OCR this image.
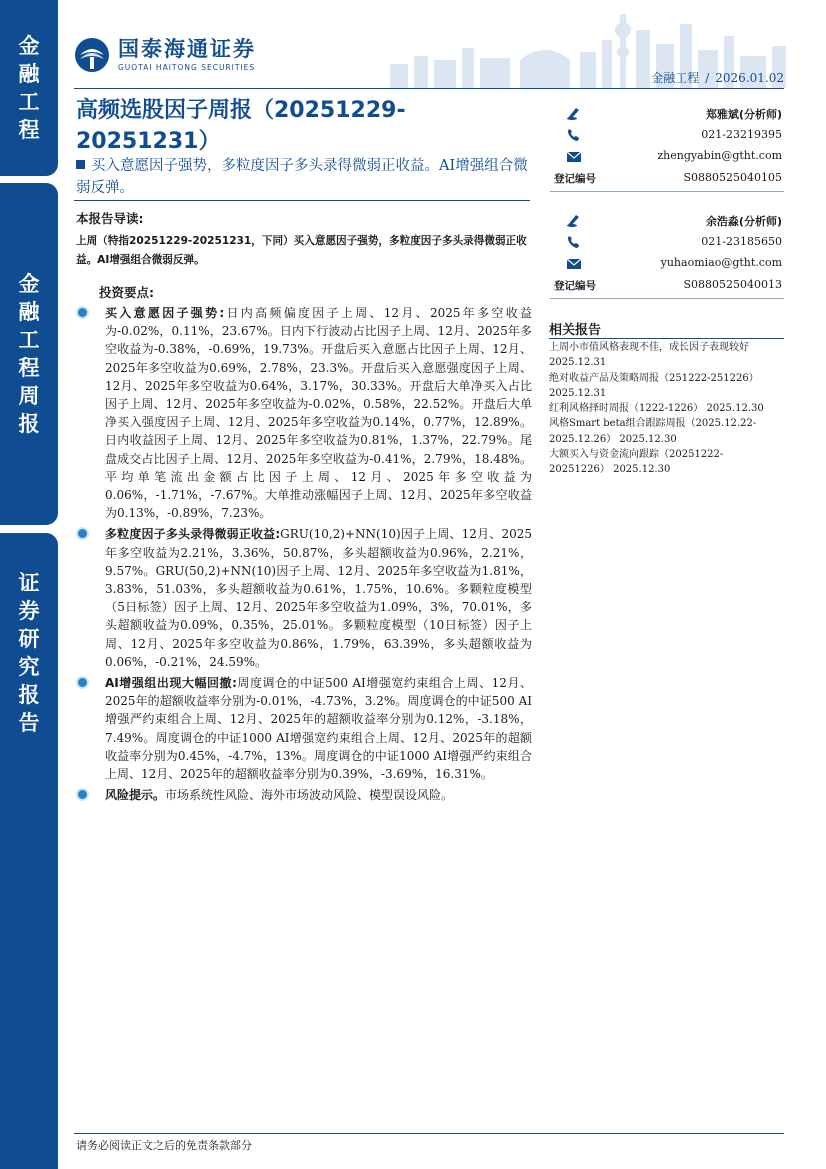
金
融
工
程
金
融
工
程
周
报
证
券
研
究
报
告
国泰海通证券
GUOTAI HAITONG SECURITIES
金融工程 / 2026.01.02
高频选股因子周报（20251229-20251231）
买入意愿因子强势，多粒度因子多头录得微弱正收益。AI增强组合微弱反弹。
本报告导读:
上周（特指20251229-20251231，下同）买入意愿因子强势，多粒度因子多头录得微弱正收益。AI增强组合微弱反弹。
投资要点:
买入意愿因子强势:日内高频偏度因子上周、12月、2025年多空收益为-0.02%，0.11%，23.67%。日内下行波动占比因子上周、12月、2025年多空收益为-0.38%，-0.69%，19.73%。开盘后买入意愿占比因子上周、12月、2025年多空收益为0.69%，2.78%，23.3%。开盘后买入意愿强度因子上周、12月、2025年多空收益为0.64%，3.17%，30.33%。开盘后大单净买入占比因子上周、12月、2025年多空收益为-0.02%，0.58%，22.52%。开盘后大单净买入强度因子上周、12月、2025年多空收益为0.14%，0.77%，12.89%。日内收益因子上周、12月、2025年多空收益为0.81%，1.37%，22.79%。尾盘成交占比因子上周、12月、2025年多空收益为-0.41%，2.79%，18.48%。平均单笔流出金额占比因子上周、12月、2025年多空收益为0.06%，-1.71%，-7.67%。大单推动涨幅因子上周、12月、2025年多空收益为0.13%，-0.89%，7.23%。
多粒度因子多头录得微弱正收益:GRU(10,2)+NN(10)因子上周、12月、2025年多空收益为2.21%，3.36%，50.87%，多头超额收益为0.96%，2.21%，9.57%。GRU(50,2)+NN(10)因子上周、12月、2025年多空收益为1.81%，3.83%，51.03%，多头超额收益为0.61%，1.75%，10.6%。多颗粒度模型（5日标签）因子上周、12月、2025年多空收益为1.09%，3%，70.01%，多头超额收益为0.09%，0.35%，25.01%。多颗粒度模型（10日标签）因子上周、12月、2025年多空收益为0.86%，1.79%，63.39%，多头超额收益为0.06%，-0.21%，24.59%。
AI增强组出现大幅回撤:周度调仓的中证500 AI增强宽约束组合上周、12月、2025年的超额收益率分别为-0.01%，-4.73%，3.2%。周度调仓的中证500 AI增强严约束组合上周、12月、2025年的超额收益率分别为0.12%，-3.18%，7.49%。周度调仓的中证1000 AI增强宽约束组合上周、12月、2025年的超额收益率分别为0.45%，-4.7%，13%。周度调仓的中证1000 AI增强严约束组合上周、12月、2025年的超额收益率分别为0.39%，-3.69%，16.31%。
风险提示。市场系统性风险、海外市场波动风险、模型误设风险。
郑雅斌(分析师)
021-23219395
zhengyabin@gtht.com
登记编号	S0880525040105
余浩淼(分析师)
021-23185650
yuhaomiao@gtht.com
登记编号	S0880525040013
相关报告
上周小市值风格表现不佳，成长因子表现较好 2025.12.31
绝对收益产品及策略周报（251222-251226） 2025.12.31
红利风格择时周报（1222-1226） 2025.12.30
风格Smart beta组合跟踪周报（2025.12.22-2025.12.26） 2025.12.30
大额买入与资金流向跟踪（20251222-20251226） 2025.12.30
请务必阅读正文之后的免责条款部分
